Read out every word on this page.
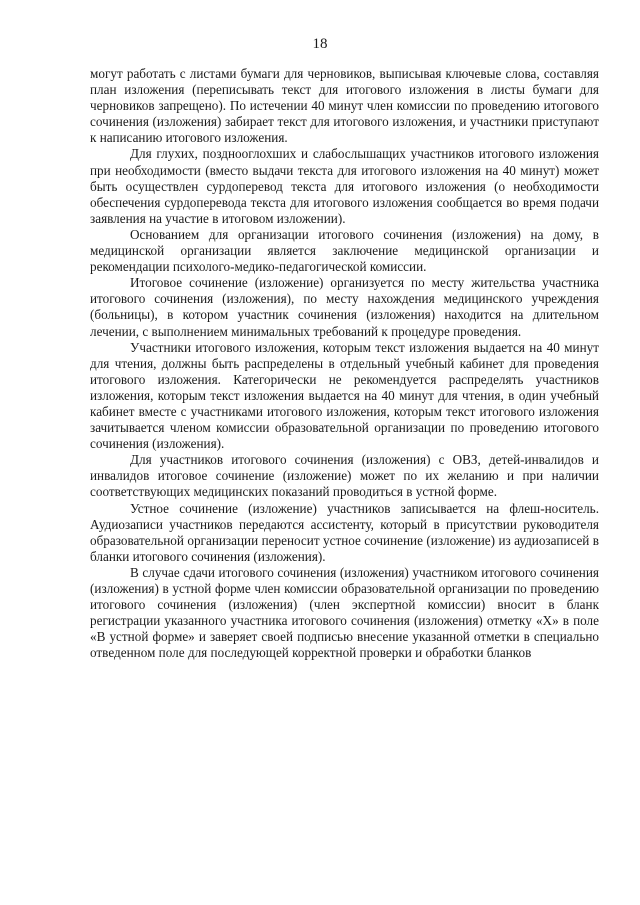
18

могут работать с листами бумаги для черновиков, выписывая ключевые слова, составляя план изложения (переписывать текст для итогового изложения в листы бумаги для черновиков запрещено). По истечении 40 минут член комиссии по проведению итогового сочинения (изложения) забирает текст для итогового изложения, и участники приступают к написанию итогового изложения.

Для глухих, позднооглохших и слабослышащих участников итогового изложения при необходимости (вместо выдачи текста для итогового изложения на 40 минут) может быть осуществлен сурдоперевод текста для итогового изложения (о необходимости обеспечения сурдоперевода текста для итогового изложения сообщается во время подачи заявления на участие в итоговом изложении).

Основанием для организации итогового сочинения (изложения) на дому, в медицинской организации является заключение медицинской организации и рекомендации психолого-медико-педагогической комиссии.

Итоговое сочинение (изложение) организуется по месту жительства участника итогового сочинения (изложения), по месту нахождения медицинского учреждения (больницы), в котором участник сочинения (изложения) находится на длительном лечении, с выполнением минимальных требований к процедуре проведения.

Участники итогового изложения, которым текст изложения выдается на 40 минут для чтения, должны быть распределены в отдельный учебный кабинет для проведения итогового изложения. Категорически не рекомендуется распределять участников изложения, которым текст изложения выдается на 40 минут для чтения, в один учебный кабинет вместе с участниками итогового изложения, которым текст итогового изложения зачитывается членом комиссии образовательной организации по проведению итогового сочинения (изложения).

Для участников итогового сочинения (изложения) с ОВЗ, детей-инвалидов и инвалидов итоговое сочинение (изложение) может по их желанию и при наличии соответствующих медицинских показаний проводиться в устной форме.

Устное сочинение (изложение) участников записывается на флеш-носитель. Аудиозаписи участников передаются ассистенту, который в присутствии руководителя образовательной организации переносит устное сочинение (изложение) из аудиозаписей в бланки итогового сочинения (изложения).

В случае сдачи итогового сочинения (изложения) участником итогового сочинения (изложения) в устной форме член комиссии образовательной организации по проведению итогового сочинения (изложения) (член экспертной комиссии) вносит в бланк регистрации указанного участника итогового сочинения (изложения) отметку «Х» в поле «В устной форме» и заверяет своей подписью внесение указанной отметки в специально отведенном поле для последующей корректной проверки и обработки бланков
